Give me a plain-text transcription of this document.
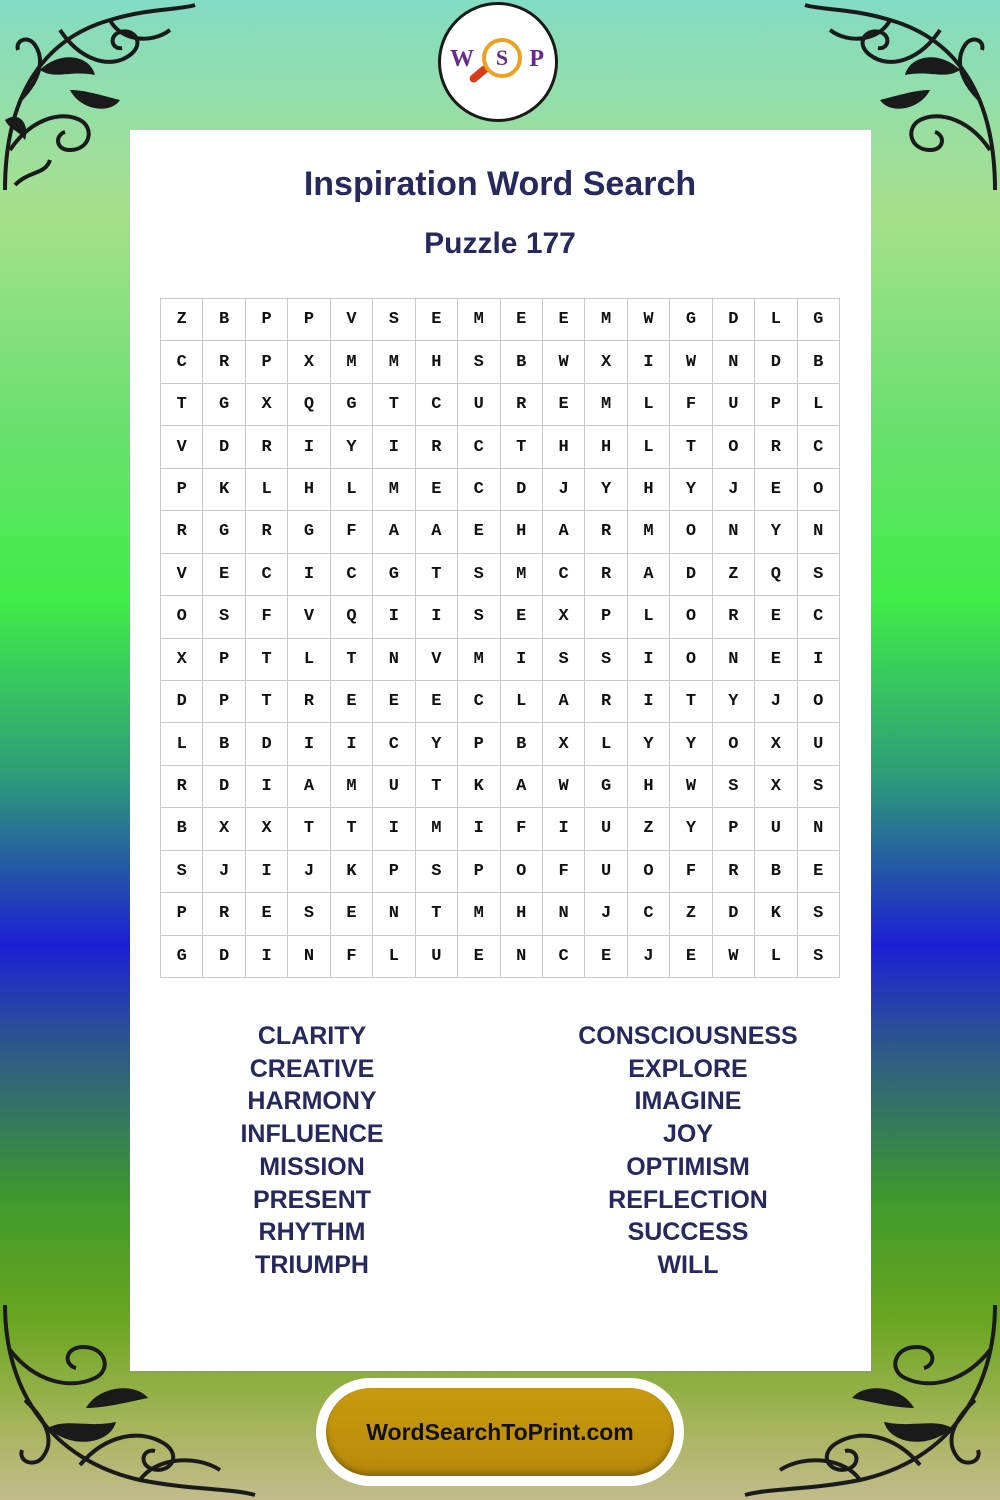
W S P
Inspiration Word Search
Puzzle 177
Z	B	P	P	V	S	E	M	E	E	M	W	G	D	L	G
C	R	P	X	M	M	H	S	B	W	X	I	W	N	D	B
T	G	X	Q	G	T	C	U	R	E	M	L	F	U	P	L
V	D	R	I	Y	I	R	C	T	H	H	L	T	O	R	C
P	K	L	H	L	M	E	C	D	J	Y	H	Y	J	E	O
R	G	R	G	F	A	A	E	H	A	R	M	O	N	Y	N
V	E	C	I	C	G	T	S	M	C	R	A	D	Z	Q	S
O	S	F	V	Q	I	I	S	E	X	P	L	O	R	E	C
X	P	T	L	T	N	V	M	I	S	S	I	O	N	E	I
D	P	T	R	E	E	E	C	L	A	R	I	T	Y	J	O
L	B	D	I	I	C	Y	P	B	X	L	Y	Y	O	X	U
R	D	I	A	M	U	T	K	A	W	G	H	W	S	X	S
B	X	X	T	T	I	M	I	F	I	U	Z	Y	P	U	N
S	J	I	J	K	P	S	P	O	F	U	O	F	R	B	E
P	R	E	S	E	N	T	M	H	N	J	C	Z	D	K	S
G	D	I	N	F	L	U	E	N	C	E	J	E	W	L	S
CLARITY
CREATIVE
HARMONY
INFLUENCE
MISSION
PRESENT
RHYTHM
TRIUMPH
CONSCIOUSNESS
EXPLORE
IMAGINE
JOY
OPTIMISM
REFLECTION
SUCCESS
WILL
WordSearchToPrint.com
